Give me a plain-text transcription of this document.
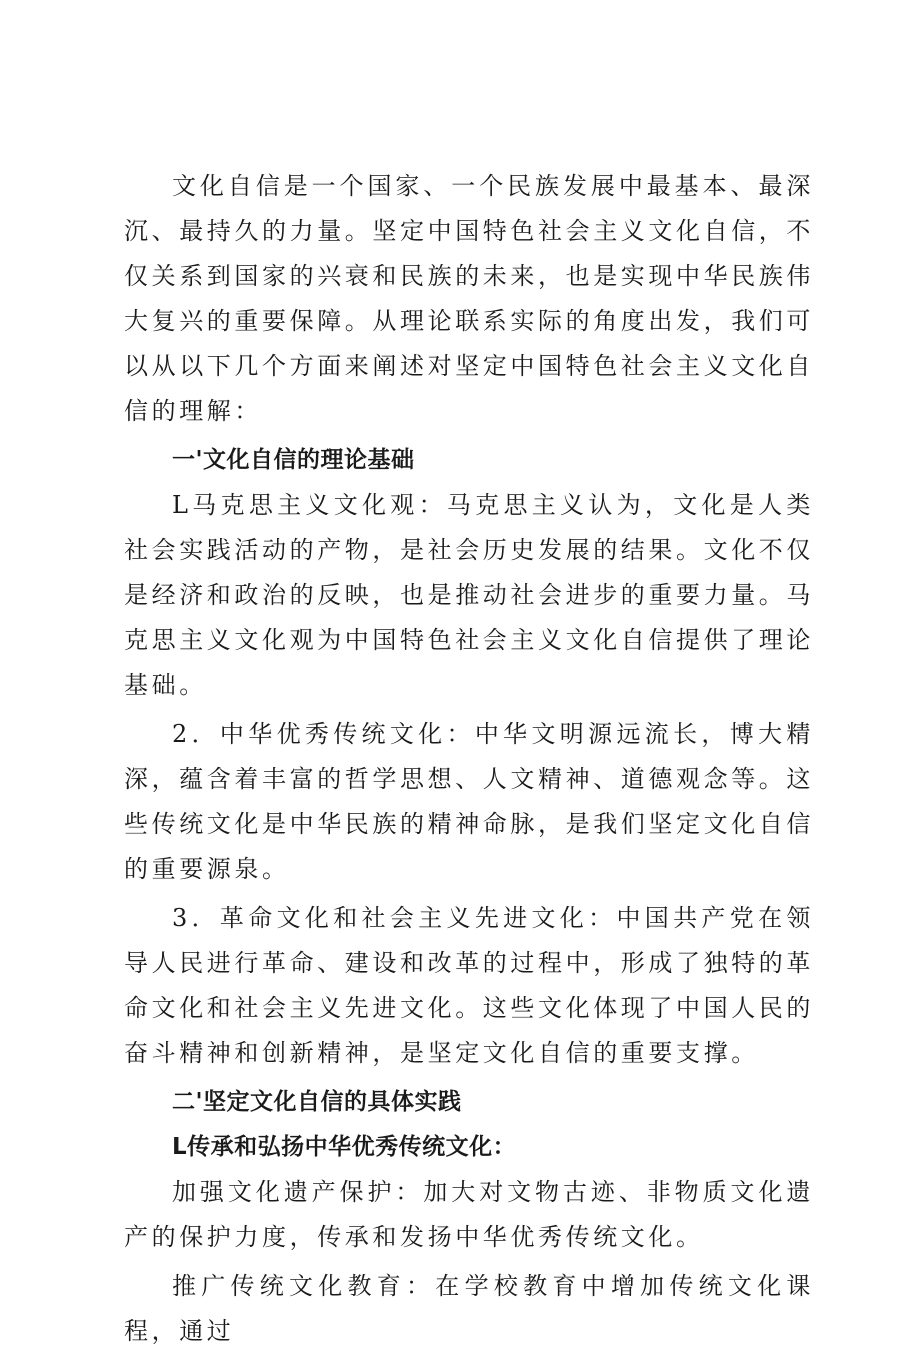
文化自信是一个国家、一个民族发展中最基本、最深沉、最持久的力量。坚定中国特色社会主义文化自信，不仅关系到国家的兴衰和民族的未来，也是实现中华民族伟大复兴的重要保障。从理论联系实际的角度出发，我们可以从以下几个方面来阐述对坚定中国特色社会主义文化自信的理解：

一'文化自信的理论基础

L马克思主义文化观：马克思主义认为，文化是人类社会实践活动的产物，是社会历史发展的结果。文化不仅是经济和政治的反映，也是推动社会进步的重要力量。马克思主义文化观为中国特色社会主义文化自信提供了理论基础。

2．中华优秀传统文化：中华文明源远流长，博大精深，蕴含着丰富的哲学思想、人文精神、道德观念等。这些传统文化是中华民族的精神命脉，是我们坚定文化自信的重要源泉。

3．革命文化和社会主义先进文化：中国共产党在领导人民进行革命、建设和改革的过程中，形成了独特的革命文化和社会主义先进文化。这些文化体现了中国人民的奋斗精神和创新精神，是坚定文化自信的重要支撑。

二'坚定文化自信的具体实践

L传承和弘扬中华优秀传统文化：

加强文化遗产保护：加大对文物古迹、非物质文化遗产的保护力度，传承和发扬中华优秀传统文化。

推广传统文化教育：在学校教育中增加传统文化课程，通过
